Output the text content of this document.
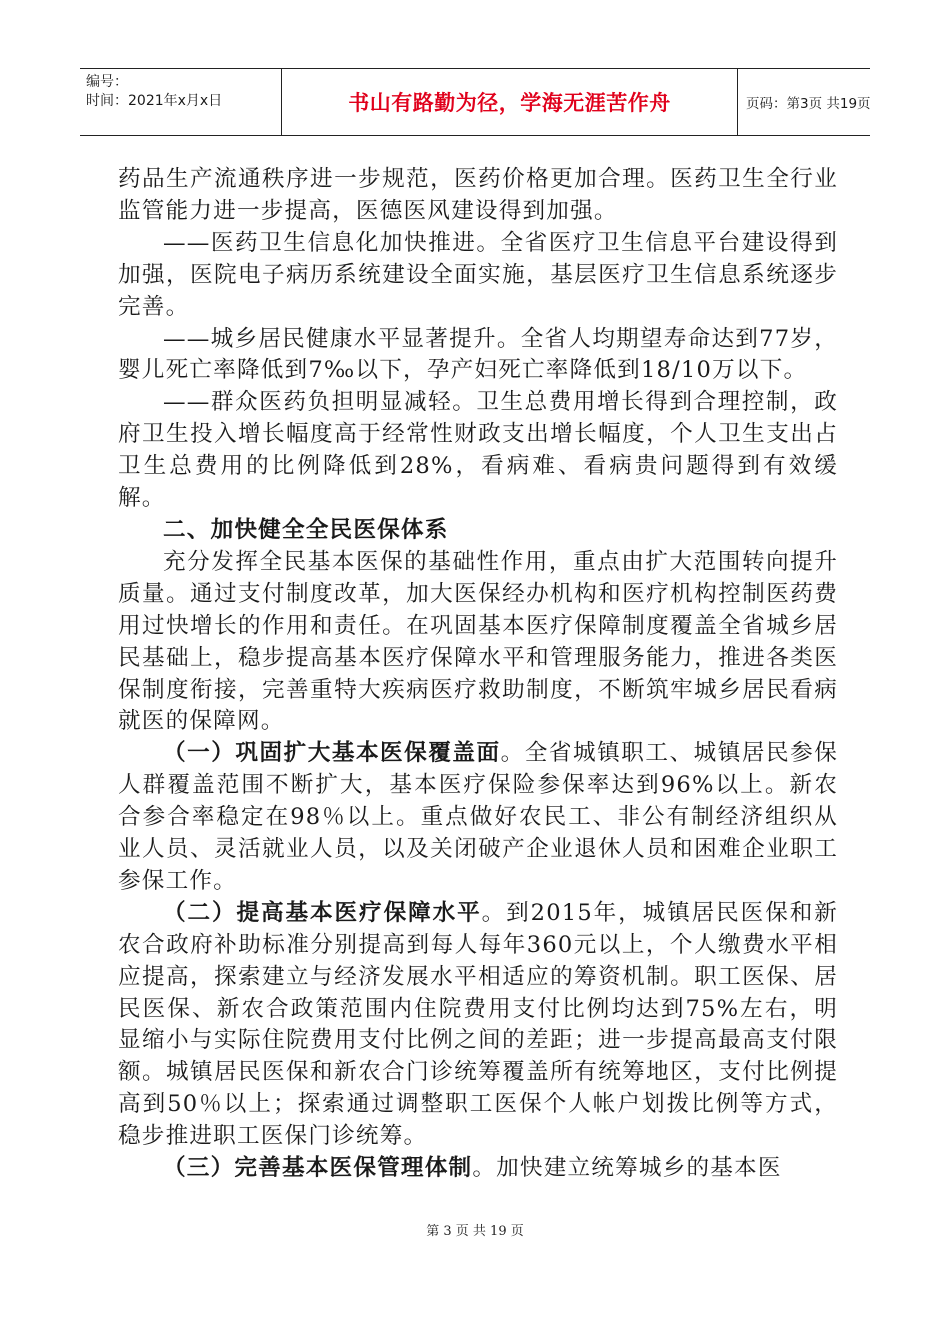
编号：
时间：2021年x月x日	书山有路勤为径，学海无涯苦作舟	页码：第3页 共19页

药品生产流通秩序进一步规范，医药价格更加合理。医药卫生全行业监管能力进一步提高，医德医风建设得到加强。

——医药卫生信息化加快推进。全省医疗卫生信息平台建设得到加强，医院电子病历系统建设全面实施，基层医疗卫生信息系统逐步完善。

——城乡居民健康水平显著提升。全省人均期望寿命达到77岁，婴儿死亡率降低到7‰以下，孕产妇死亡率降低到18/10万以下。

——群众医药负担明显减轻。卫生总费用增长得到合理控制，政府卫生投入增长幅度高于经常性财政支出增长幅度，个人卫生支出占卫生总费用的比例降低到28%，看病难、看病贵问题得到有效缓解。

二、加快健全全民医保体系

充分发挥全民基本医保的基础性作用，重点由扩大范围转向提升质量。通过支付制度改革，加大医保经办机构和医疗机构控制医药费用过快增长的作用和责任。在巩固基本医疗保障制度覆盖全省城乡居民基础上，稳步提高基本医疗保障水平和管理服务能力，推进各类医保制度衔接，完善重特大疾病医疗救助制度，不断筑牢城乡居民看病就医的保障网。

（一）巩固扩大基本医保覆盖面。全省城镇职工、城镇居民参保人群覆盖范围不断扩大，基本医疗保险参保率达到96%以上。新农合参合率稳定在98％以上。重点做好农民工、非公有制经济组织从业人员、灵活就业人员，以及关闭破产企业退休人员和困难企业职工参保工作。

（二）提高基本医疗保障水平。到2015年，城镇居民医保和新农合政府补助标准分别提高到每人每年360元以上，个人缴费水平相应提高，探索建立与经济发展水平相适应的筹资机制。职工医保、居民医保、新农合政策范围内住院费用支付比例均达到75%左右，明显缩小与实际住院费用支付比例之间的差距；进一步提高最高支付限额。城镇居民医保和新农合门诊统筹覆盖所有统筹地区，支付比例提高到50％以上；探索通过调整职工医保个人帐户划拨比例等方式，稳步推进职工医保门诊统筹。

（三）完善基本医保管理体制。加快建立统筹城乡的基本医

第 3 页 共 19 页
